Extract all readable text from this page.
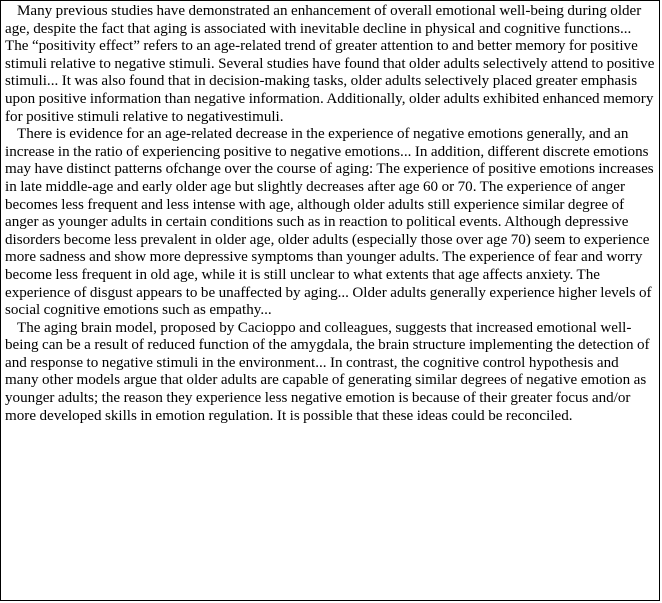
Many previous studies have demonstrated an enhancement of overall emotional well-being during older age, despite the fact that aging is associated with inevitable decline in physical and cognitive functions... The “positivity effect” refers to an age-related trend of greater attention to and better memory for positive stimuli relative to negative stimuli. Several studies have found that older adults selectively attend to positive stimuli... It was also found that in decision-making tasks, older adults selectively placed greater emphasis upon positive information than negative information. Additionally, older adults exhibited enhanced memory for positive stimuli relative to negativestimuli.

There is evidence for an age-related decrease in the experience of negative emotions generally, and an increase in the ratio of experiencing positive to negative emotions... In addition, different discrete emotions may have distinct patterns ofchange over the course of aging: The experience of positive emotions increases in late middle-age and early older age but slightly decreases after age 60 or 70. The experience of anger becomes less frequent and less intense with age, although older adults still experience similar degree of anger as younger adults in certain conditions such as in reaction to political events. Although depressive disorders become less prevalent in older age, older adults (especially those over age 70) seem to experience more sadness and show more depressive symptoms than younger adults. The experience of fear and worry become less frequent in old age, while it is still unclear to what extents that age affects anxiety. The experience of disgust appears to be unaffected by aging... Older adults generally experience higher levels of social cognitive emotions such as empathy...

The aging brain model, proposed by Cacioppo and colleagues, suggests that increased emotional well-being can be a result of reduced function of the amygdala, the brain structure implementing the detection of and response to negative stimuli in the environment... In contrast, the cognitive control hypothesis and many other models argue that older adults are capable of generating similar degrees of negative emotion as younger adults; the reason they experience less negative emotion is because of their greater focus and/or more developed skills in emotion regulation. It is possible that these ideas could be reconciled.
